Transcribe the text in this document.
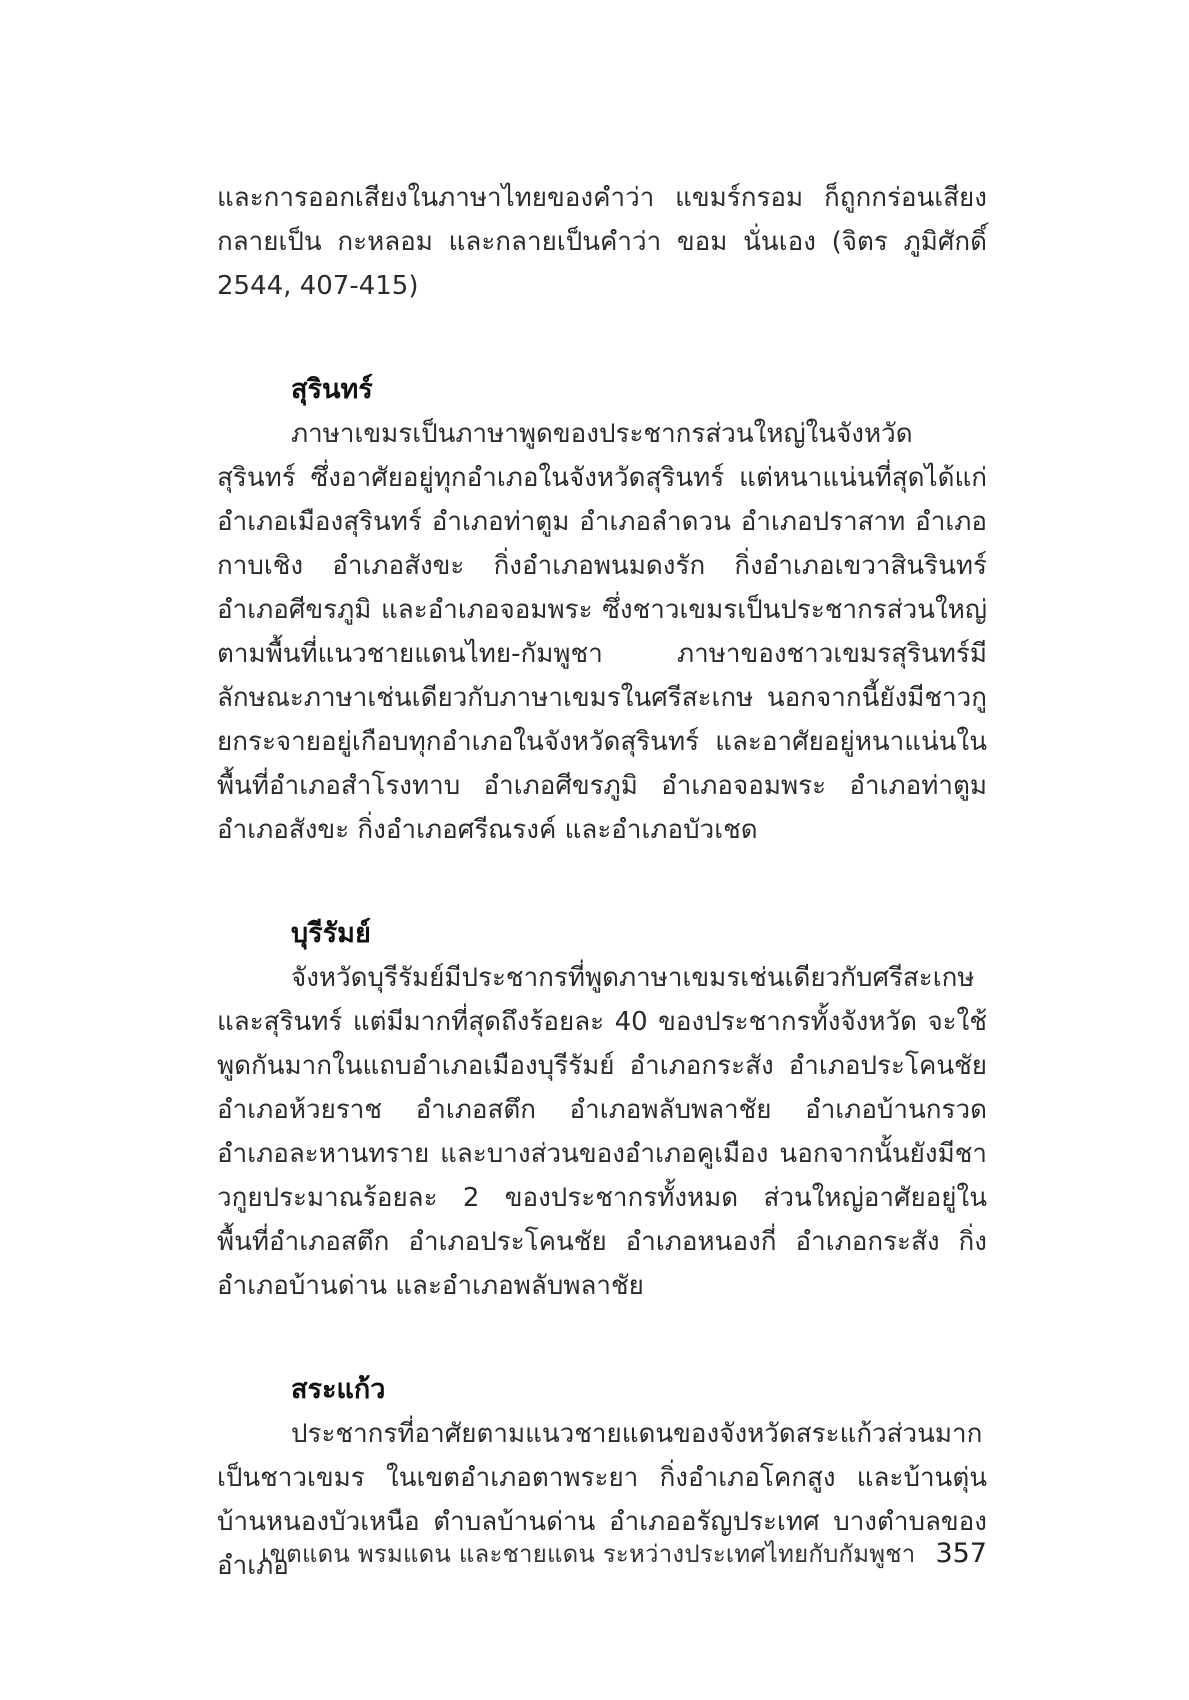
และการออกเสียงในภาษาไทยของคำว่า แขมร์กรอม ก็ถูกกร่อนเสียงกลายเป็น กะหลอม และกลายเป็นคำว่า ขอม นั่นเอง (จิตร ภูมิศักดิ์ 2544, 407-415)

สุรินทร์

ภาษาเขมรเป็นภาษาพูดของประชากรส่วนใหญ่ในจังหวัดสุรินทร์ ซึ่งอาศัยอยู่ทุกอำเภอในจังหวัดสุรินทร์ แต่หนาแน่นที่สุดได้แก่ อำเภอเมืองสุรินทร์ อำเภอท่าตูม อำเภอลำดวน อำเภอปราสาท อำเภอกาบเชิง อำเภอสังขะ กิ่งอำเภอพนมดงรัก กิ่งอำเภอเขวาสินรินทร์ อำเภอศีขรภูมิ และอำเภอจอมพระ ซึ่งชาวเขมรเป็นประชากรส่วนใหญ่ตามพื้นที่แนวชายแดนไทย-กัมพูชา ภาษาของชาวเขมรสุรินทร์มีลักษณะภาษาเช่นเดียวกับภาษาเขมรในศรีสะเกษ นอกจากนี้ยังมีชาวกูยกระจายอยู่เกือบทุกอำเภอในจังหวัดสุรินทร์ และอาศัยอยู่หนาแน่นในพื้นที่อำเภอสำโรงทาบ อำเภอศีขรภูมิ อำเภอจอมพระ อำเภอท่าตูม อำเภอสังขะ กิ่งอำเภอศรีณรงค์ และอำเภอบัวเชด

บุรีรัมย์

จังหวัดบุรีรัมย์มีประชากรที่พูดภาษาเขมรเช่นเดียวกับศรีสะเกษและสุรินทร์ แต่มีมากที่สุดถึงร้อยละ 40 ของประชากรทั้งจังหวัด จะใช้พูดกันมากในแถบอำเภอเมืองบุรีรัมย์ อำเภอกระสัง อำเภอประโคนชัย อำเภอห้วยราช อำเภอสตึก อำเภอพลับพลาชัย อำเภอบ้านกรวด อำเภอละหานทราย และบางส่วนของอำเภอคูเมือง นอกจากนั้นยังมีชาวกูยประมาณร้อยละ 2 ของประชากรทั้งหมด ส่วนใหญ่อาศัยอยู่ในพื้นที่อำเภอสตึก อำเภอประโคนชัย อำเภอหนองกี่ อำเภอกระสัง กิ่งอำเภอบ้านด่าน และอำเภอพลับพลาชัย

สระแก้ว

ประชากรที่อาศัยตามแนวชายแดนของจังหวัดสระแก้วส่วนมากเป็นชาวเขมร ในเขตอำเภอตาพระยา กิ่งอำเภอโคกสูง และบ้านตุ่น บ้านหนองบัวเหนือ ตำบลบ้านด่าน อำเภออรัญประเทศ บางตำบลของอำเภอ

เขตแดน พรมแดน และชายแดน ระหว่างประเทศไทยกับกัมพูชา 357
